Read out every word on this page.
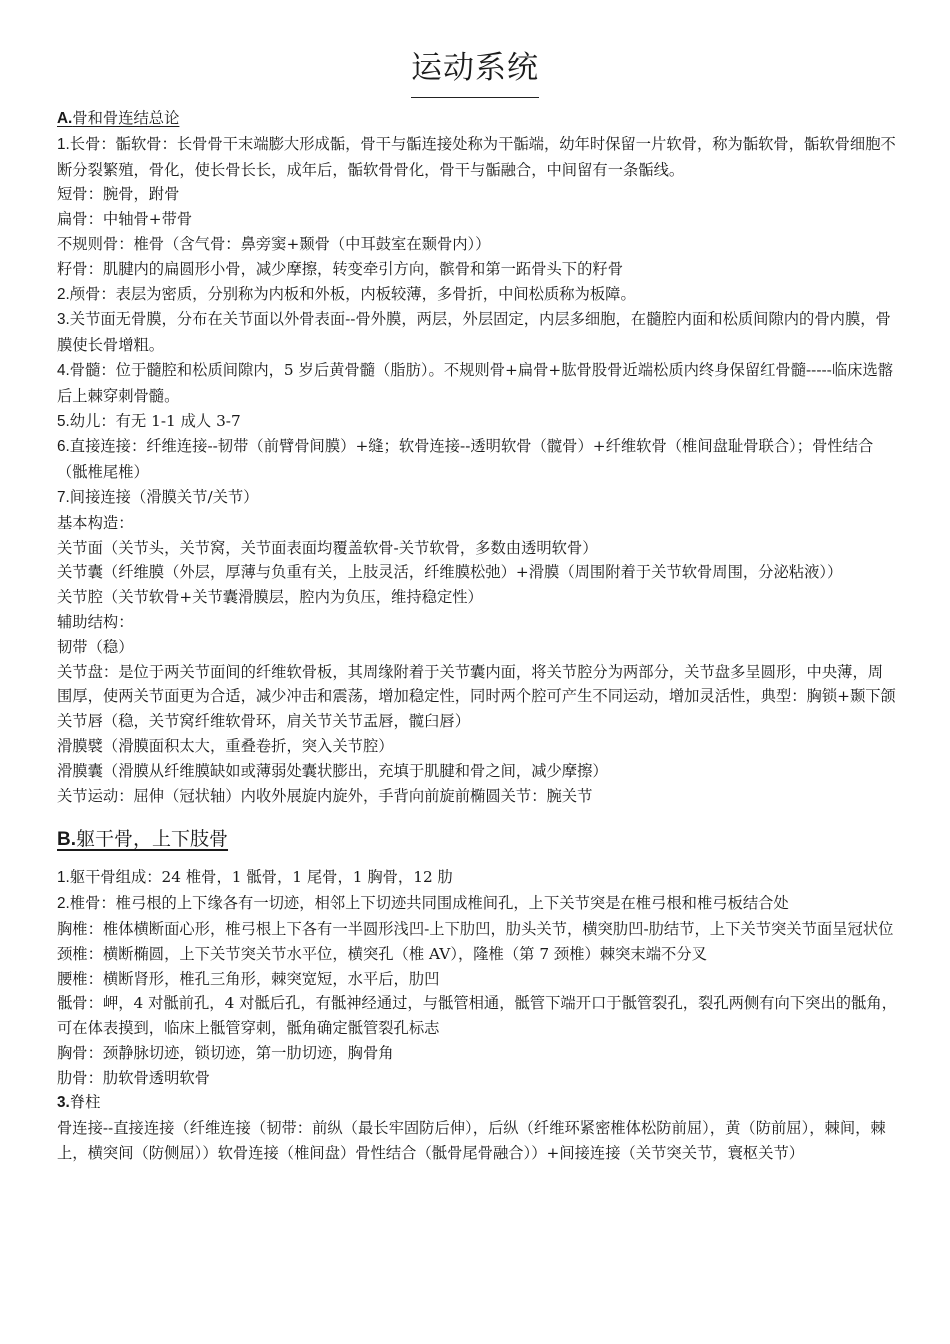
运动系统

A.骨和骨连结总论

1.长骨：骺软骨：长骨骨干末端膨大形成骺，骨干与骺连接处称为干骺端，幼年时保留一片软骨，称为骺软骨，骺软骨细胞不断分裂繁殖，骨化，使长骨长长，成年后，骺软骨骨化，骨干与骺融合，中间留有一条骺线。

短骨：腕骨，跗骨

扁骨：中轴骨+带骨

不规则骨：椎骨（含气骨：鼻旁窦+颞骨（中耳鼓室在颞骨内））

籽骨：肌腱内的扁圆形小骨，减少摩擦，转变牵引方向，髌骨和第一跖骨头下的籽骨

2.颅骨：表层为密质，分别称为内板和外板，内板较薄，多骨折，中间松质称为板障。

3.关节面无骨膜，分布在关节面以外骨表面--骨外膜，两层，外层固定，内层多细胞，在髓腔内面和松质间隙内的骨内膜，骨膜使长骨增粗。

4.骨髓：位于髓腔和松质间隙内，5 岁后黄骨髓（脂肪）。不规则骨+扁骨+肱骨股骨近端松质内终身保留红骨髓-----临床选髂后上棘穿刺骨髓。

5.幼儿：有无 1-1 成人 3-7

6.直接连接：纤维连接--韧带（前臂骨间膜）+缝；软骨连接--透明软骨（髋骨）+纤维软骨（椎间盘耻骨联合）；骨性结合（骶椎尾椎）

7.间接连接（滑膜关节/关节）

基本构造：

关节面（关节头，关节窝，关节面表面均覆盖软骨-关节软骨，多数由透明软骨）

关节囊（纤维膜（外层，厚薄与负重有关，上肢灵活，纤维膜松弛）+滑膜（周围附着于关节软骨周围，分泌粘液））

关节腔（关节软骨+关节囊滑膜层，腔内为负压，维持稳定性）

辅助结构：

韧带（稳）

关节盘：是位于两关节面间的纤维软骨板，其周缘附着于关节囊内面，将关节腔分为两部分，关节盘多呈圆形，中央薄，周围厚，使两关节面更为合适，减少冲击和震荡，增加稳定性，同时两个腔可产生不同运动，增加灵活性，典型：胸锁+颞下颌

关节唇（稳，关节窝纤维软骨环，肩关节关节盂唇，髋臼唇）

滑膜襞（滑膜面积太大，重叠卷折，突入关节腔）

滑膜囊（滑膜从纤维膜缺如或薄弱处囊状膨出，充填于肌腱和骨之间，减少摩擦）

关节运动：屈伸（冠状轴）内收外展旋内旋外，手背向前旋前椭圆关节：腕关节

B.躯干骨，上下肢骨

1.躯干骨组成：24 椎骨，1 骶骨，1 尾骨，1 胸骨，12 肋

2.椎骨：椎弓根的上下缘各有一切迹，相邻上下切迹共同围成椎间孔，上下关节突是在椎弓根和椎弓板结合处

胸椎：椎体横断面心形，椎弓根上下各有一半圆形浅凹-上下肋凹，肋头关节，横突肋凹-肋结节，上下关节突关节面呈冠状位

颈椎：横断椭圆，上下关节突关节水平位，横突孔（椎 AV），隆椎（第 7 颈椎）棘突末端不分叉

腰椎：横断肾形，椎孔三角形，棘突宽短，水平后，肋凹

骶骨：岬，4 对骶前孔，4 对骶后孔，有骶神经通过，与骶管相通，骶管下端开口于骶管裂孔，裂孔两侧有向下突出的骶角，可在体表摸到，临床上骶管穿刺，骶角确定骶管裂孔标志

胸骨：颈静脉切迹，锁切迹，第一肋切迹，胸骨角

肋骨：肋软骨透明软骨

3.脊柱

骨连接--直接连接（纤维连接（韧带：前纵（最长牢固防后伸），后纵（纤维环紧密椎体松防前屈），黄（防前屈），棘间，棘上，横突间（防侧屈））软骨连接（椎间盘）骨性结合（骶骨尾骨融合））+间接连接（关节突关节，寰枢关节）
